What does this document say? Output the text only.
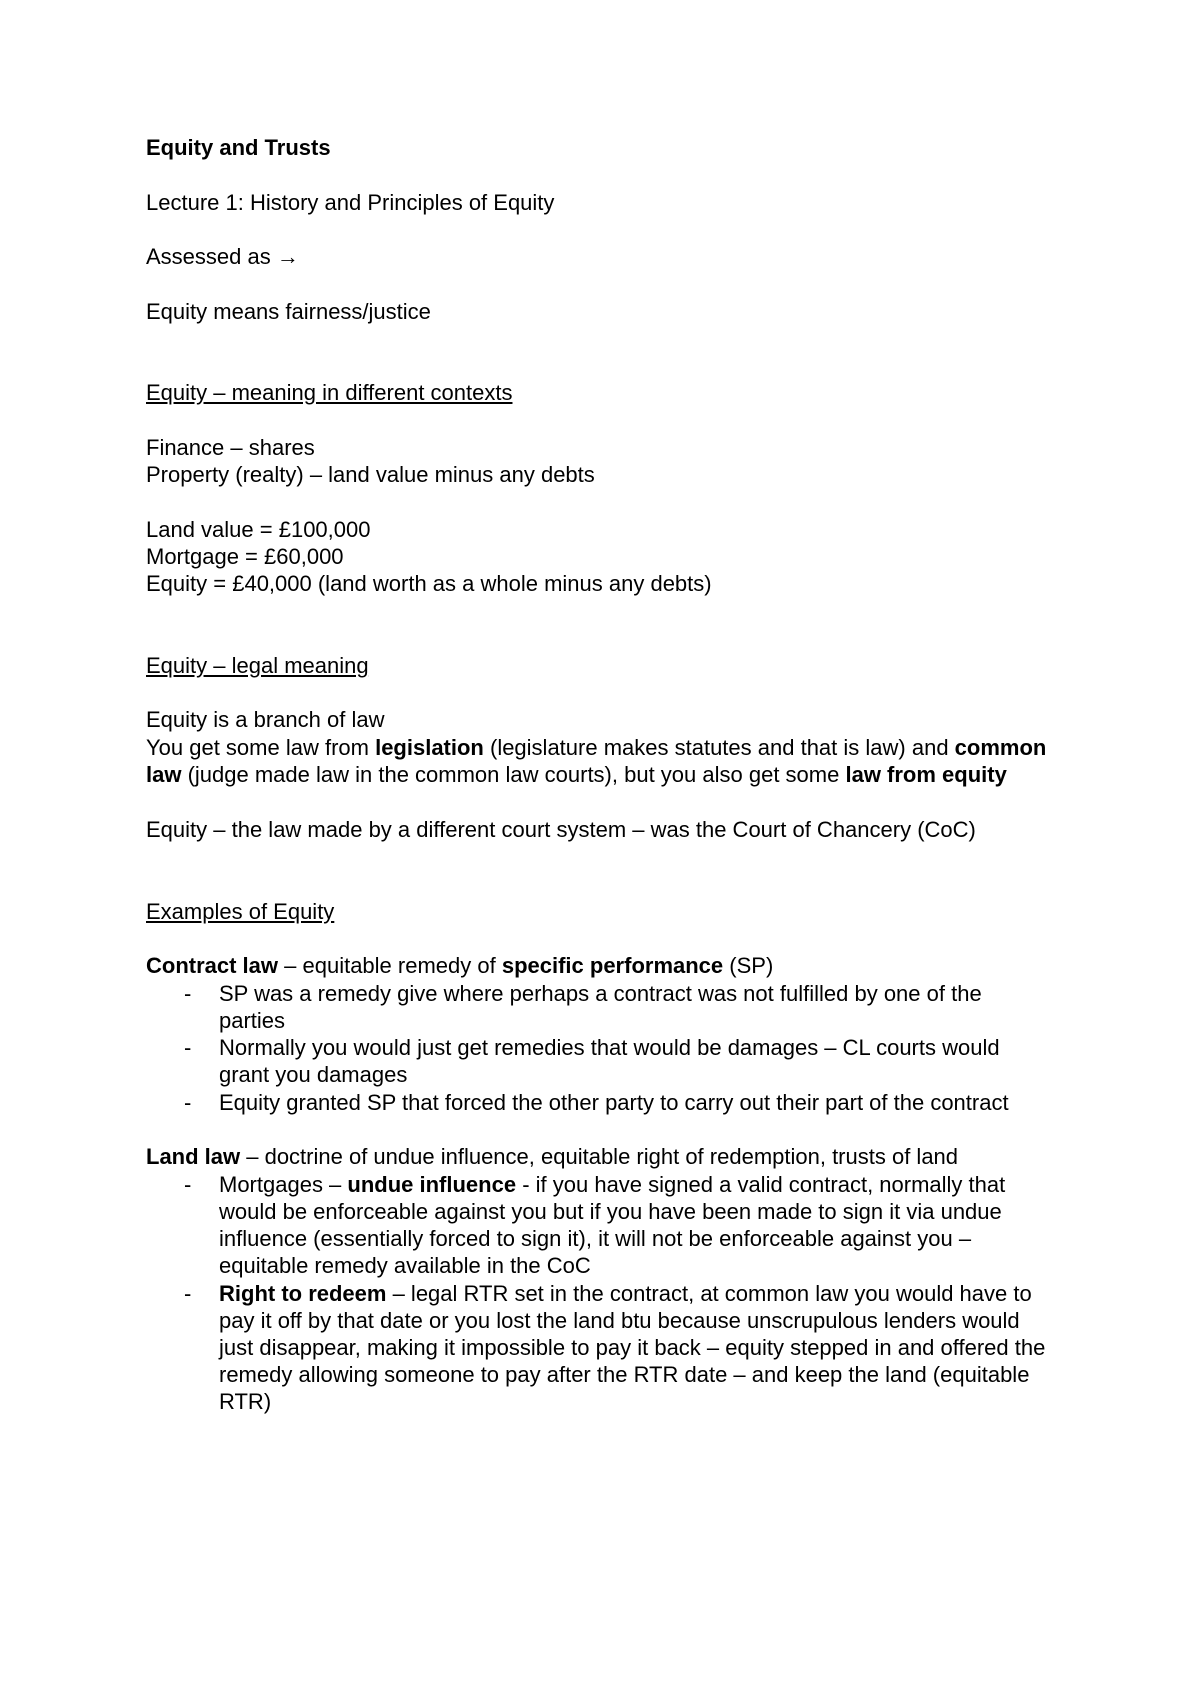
Equity and Trusts
Lecture 1: History and Principles of Equity
Assessed as →
Equity means fairness/justice
Equity – meaning in different contexts
Finance – shares
Property (realty) – land value minus any debts
Land value = £100,000
Mortgage = £60,000
Equity = £40,000 (land worth as a whole minus any debts)
Equity – legal meaning
Equity is a branch of law
You get some law from legislation (legislature makes statutes and that is law) and common
law (judge made law in the common law courts), but you also get some law from equity
Equity – the law made by a different court system – was the Court of Chancery (CoC)
Examples of Equity
Contract law – equitable remedy of specific performance (SP)
-	SP was a remedy give where perhaps a contract was not fulfilled by one of the
parties
-	Normally you would just get remedies that would be damages – CL courts would
grant you damages
-	Equity granted SP that forced the other party to carry out their part of the contract
Land law – doctrine of undue influence, equitable right of redemption, trusts of land
-	Mortgages – undue influence - if you have signed a valid contract, normally that
would be enforceable against you but if you have been made to sign it via undue
influence (essentially forced to sign it), it will not be enforceable against you –
equitable remedy available in the CoC
-	Right to redeem – legal RTR set in the contract, at common law you would have to
pay it off by that date or you lost the land btu because unscrupulous lenders would
just disappear, making it impossible to pay it back – equity stepped in and offered the
remedy allowing someone to pay after the RTR date – and keep the land (equitable
RTR)
